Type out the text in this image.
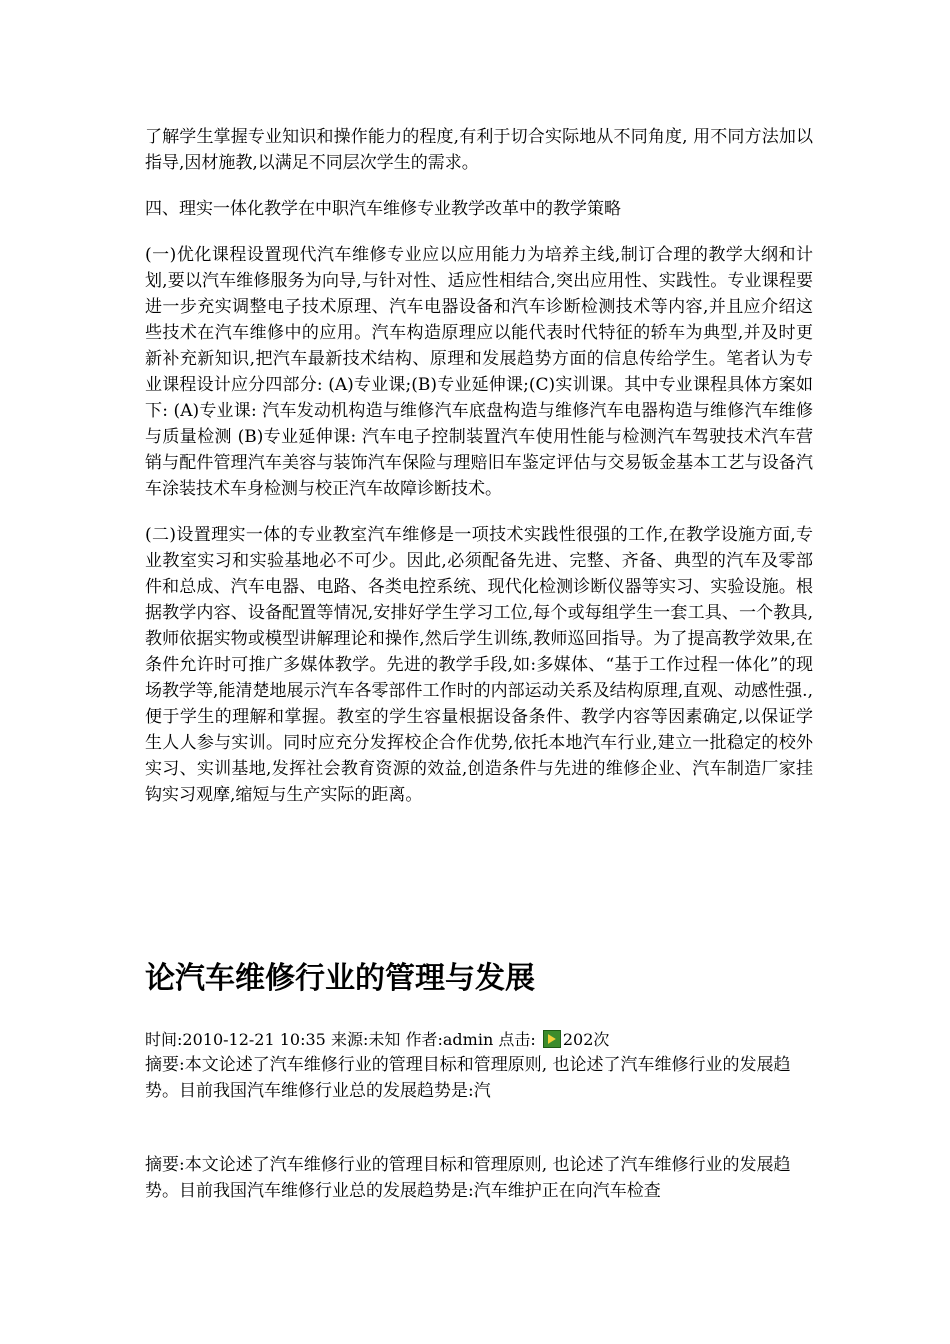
了解学生掌握专业知识和操作能力的程度,有利于切合实际地从不同角度, 用不同方法加以指导,因材施教,以满足不同层次学生的需求。

四、理实一体化教学在中职汽车维修专业教学改革中的教学策略

(一)优化课程设置现代汽车维修专业应以应用能力为培养主线,制订合理的教学大纲和计划,要以汽车维修服务为向导,与针对性、适应性相结合,突出应用性、实践性。专业课程要进一步充实调整电子技术原理、汽车电器设备和汽车诊断检测技术等内容,并且应介绍这些技术在汽车维修中的应用。汽车构造原理应以能代表时代特征的轿车为典型,并及时更新补充新知识,把汽车最新技术结构、原理和发展趋势方面的信息传给学生。笔者认为专业课程设计应分四部分: (A)专业课;(B)专业延伸课;(C)实训课。其中专业课程具体方案如下: (A)专业课: 汽车发动机构造与维修汽车底盘构造与维修汽车电器构造与维修汽车维修与质量检测 (B)专业延伸课: 汽车电子控制装置汽车使用性能与检测汽车驾驶技术汽车营销与配件管理汽车美容与装饰汽车保险与理赔旧车鉴定评估与交易钣金基本工艺与设备汽车涂装技术车身检测与校正汽车故障诊断技术。

(二)设置理实一体的专业教室汽车维修是一项技术实践性很强的工作,在教学设施方面,专业教室实习和实验基地必不可少。因此,必须配备先进、完整、齐备、典型的汽车及零部件和总成、汽车电器、电路、各类电控系统、现代化检测诊断仪器等实习、实验设施。根据教学内容、设备配置等情况,安排好学生学习工位,每个或每组学生一套工具、一个教具, 教师依据实物或模型讲解理论和操作,然后学生训练,教师巡回指导。为了提高教学效果,在条件允许时可推广多媒体教学。先进的教学手段,如:多媒体、“基于工作过程一体化”的现场教学等,能清楚地展示汽车各零部件工作时的内部运动关系及结构原理,直观、动感性强.,便于学生的理解和掌握。教室的学生容量根据设备条件、教学内容等因素确定,以保证学生人人参与实训。同时应充分发挥校企合作优势,依托本地汽车行业,建立一批稳定的校外实习、实训基地,发挥社会教育资源的效益,创造条件与先进的维修企业、汽车制造厂家挂钩实习观摩,缩短与生产实际的距离。

论汽车维修行业的管理与发展
时间:2010-12-21 10:35 来源:未知 作者:admin 点击: 202次

摘要:本文论述了汽车维修行业的管理目标和管理原则, 也论述了汽车维修行业的发展趋势。目前我国汽车维修行业总的发展趋势是:汽

摘要:本文论述了汽车维修行业的管理目标和管理原则, 也论述了汽车维修行业的发展趋势。目前我国汽车维修行业总的发展趋势是:汽车维护正在向汽车检查
